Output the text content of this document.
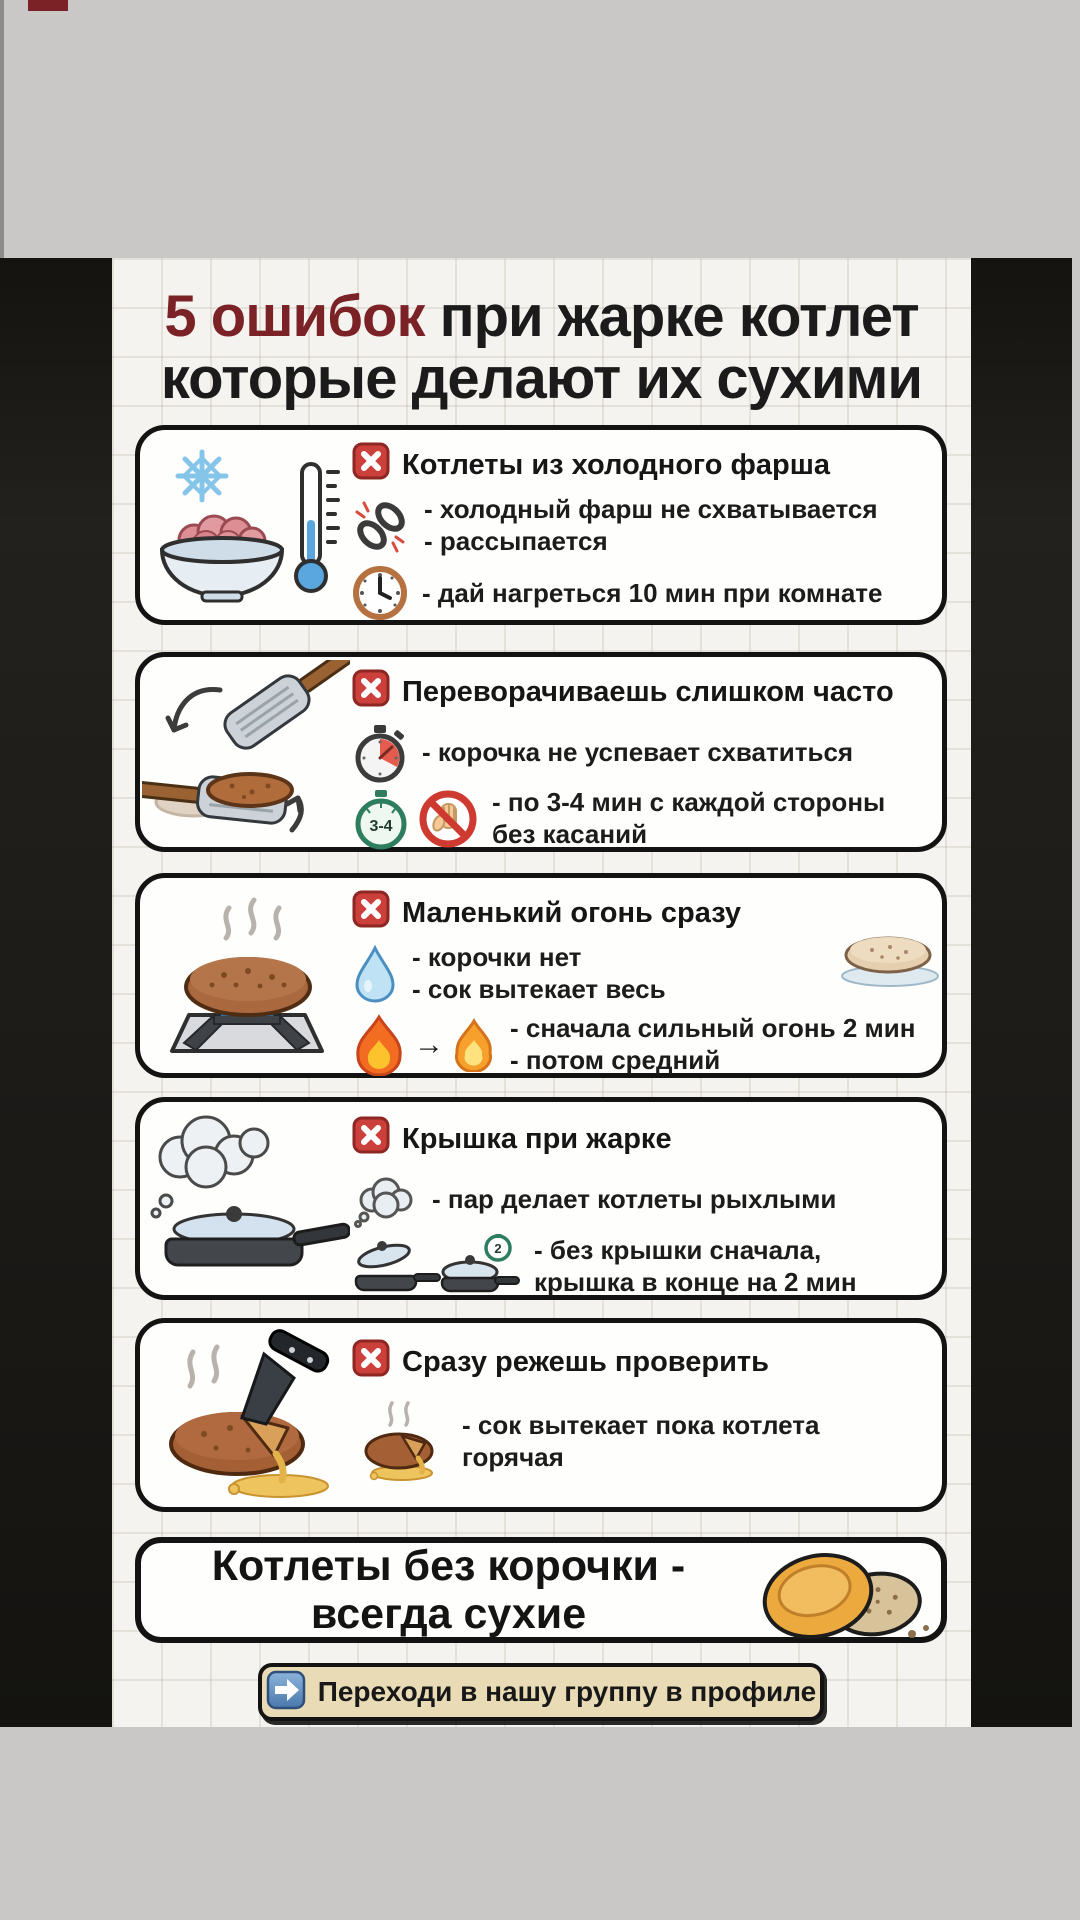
5 ошибок при жарке котлет
которые делают их сухими
Котлеты из холодного фарша
- холодный фарш не схватывается
- рассыпается
- дай нагреться 10 мин при комнате
Переворачиваешь слишком часто
- корочка не успевает схватиться
3-4
- по 3-4 мин с каждой стороны
без касаний
Маленький огонь сразу
- корочки нет
- сок вытекает весь
→	- сначала сильный огонь 2 мин
- потом средний
Крышка при жарке
- пар делает котлеты рыхлыми
2 - без крышки сначала,
крышка в конце на 2 мин
Сразу режешь проверить
- сок вытекает пока котлета
горячая
Котлеты без корочки -
всегда сухие
Переходи в нашу группу в профиле
